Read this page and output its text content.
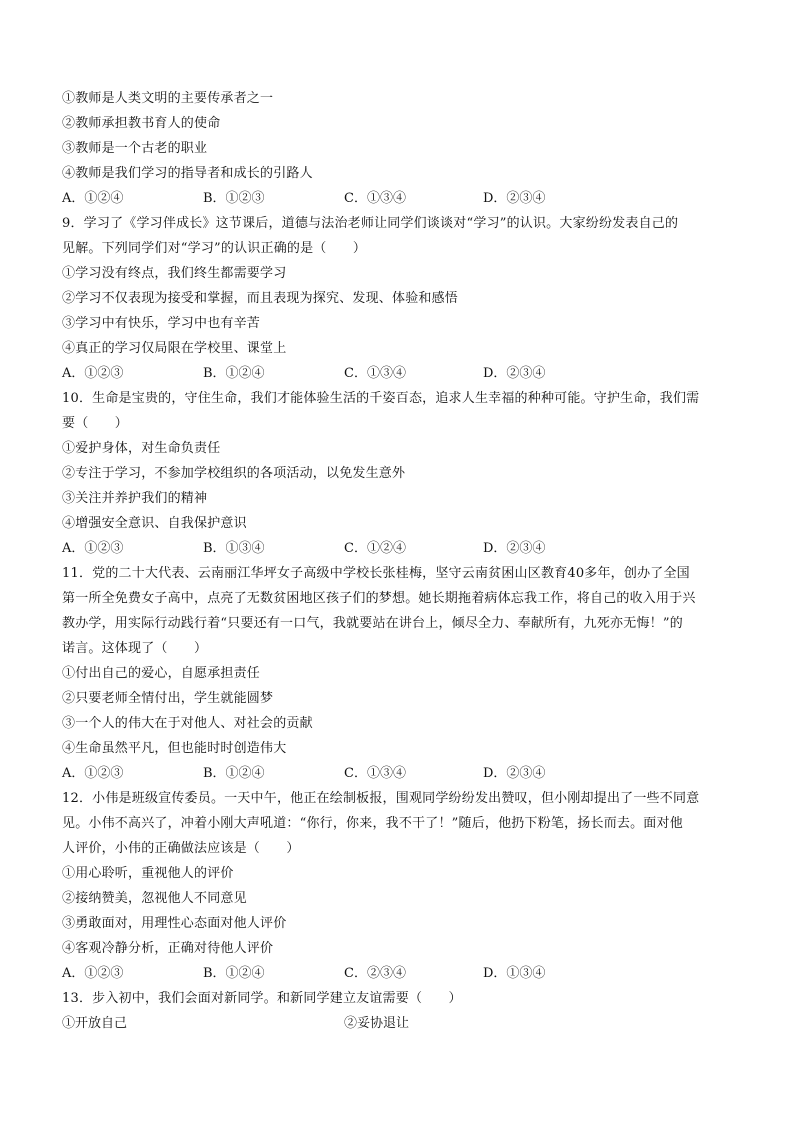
①教师是人类文明的主要传承者之一
②教师承担教书育人的使命
③教师是一个古老的职业
④教师是我们学习的指导者和成长的引路人
A．①②④	B．①②③	C．①③④	D．②③④
9．学习了《学习伴成长》这节课后，道德与法治老师让同学们谈谈对“学习”的认识。大家纷纷发表自己的
见解。下列同学们对“学习”的认识正确的是（　　）
①学习没有终点，我们终生都需要学习
②学习不仅表现为接受和掌握，而且表现为探究、发现、体验和感悟
③学习中有快乐，学习中也有辛苦
④真正的学习仅局限在学校里、课堂上
A．①②③	B．①②④	C．①③④	D．②③④
10．生命是宝贵的，守住生命，我们才能体验生活的千姿百态，追求人生幸福的种种可能。守护生命，我们需
要（　　）
①爱护身体，对生命负责任
②专注于学习，不参加学校组织的各项活动，以免发生意外
③关注并养护我们的精神
④增强安全意识、自我保护意识
A．①②③	B．①③④	C．①②④	D．②③④
11．党的二十大代表、云南丽江华坪女子高级中学校长张桂梅，坚守云南贫困山区教育40多年，创办了全国
第一所全免费女子高中，点亮了无数贫困地区孩子们的梦想。她长期拖着病体忘我工作，将自己的收入用于兴
教办学，用实际行动践行着“只要还有一口气，我就要站在讲台上，倾尽全力、奉献所有，九死亦无悔！”的
诺言。这体现了（　　）
①付出自己的爱心，自愿承担责任
②只要老师全情付出，学生就能圆梦
③一个人的伟大在于对他人、对社会的贡献
④生命虽然平凡，但也能时时创造伟大
A．①②③	B．①②④	C．①③④	D．②③④
12．小伟是班级宣传委员。一天中午，他正在绘制板报，围观同学纷纷发出赞叹，但小刚却提出了一些不同意
见。小伟不高兴了，冲着小刚大声吼道：“你行，你来，我不干了！”随后，他扔下粉笔，扬长而去。面对他
人评价，小伟的正确做法应该是（　　）
①用心聆听，重视他人的评价
②接纳赞美，忽视他人不同意见
③勇敢面对，用理性心态面对他人评价
④客观冷静分析，正确对待他人评价
A．①②③	B．①②④	C．②③④	D．①③④
13．步入初中，我们会面对新同学。和新同学建立友谊需要（　　）
①开放自己	②妥协退让
